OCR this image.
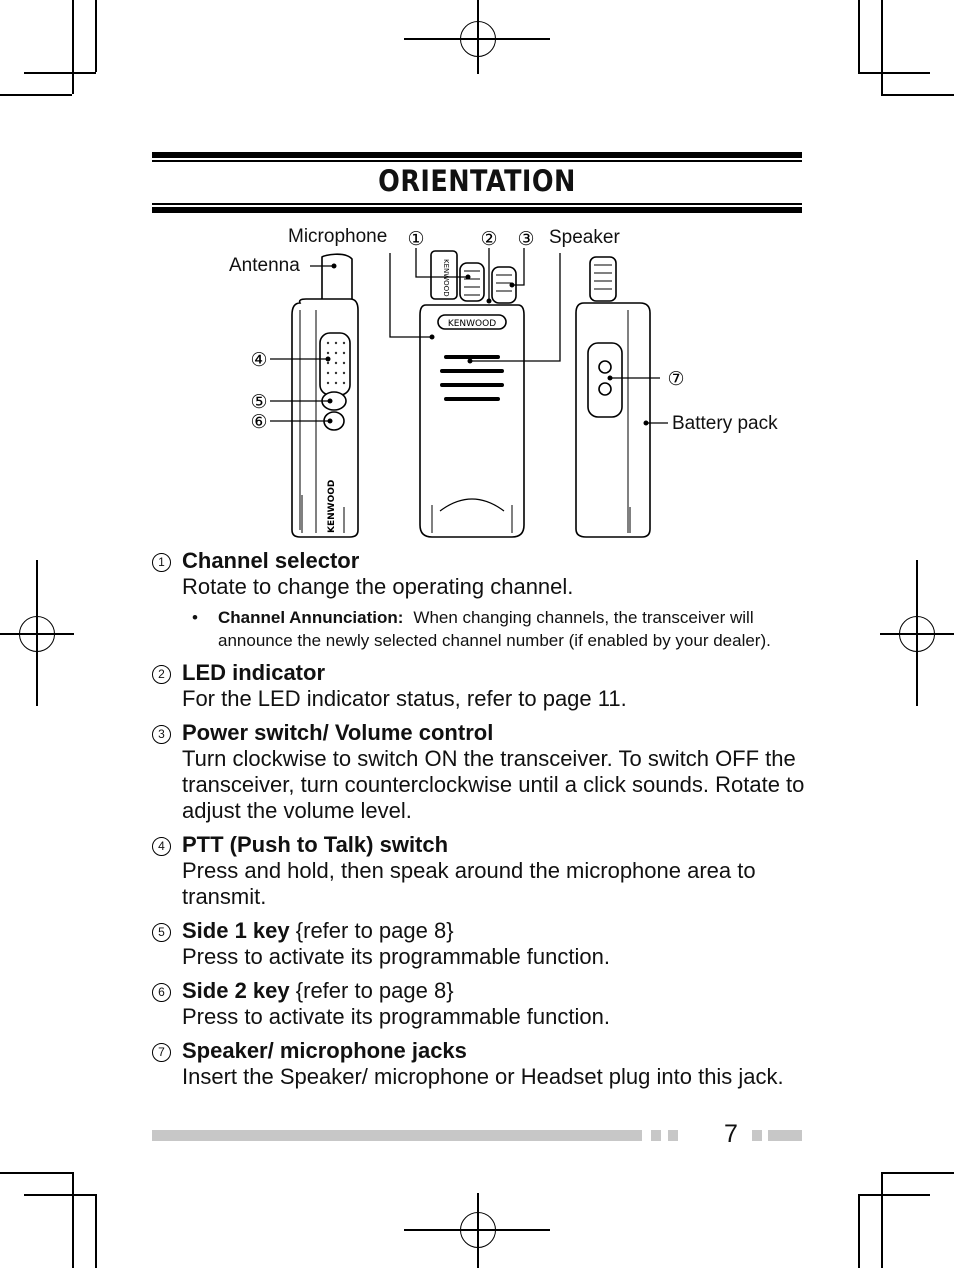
ORIENTATION
KENWOOD
KENWOOD
KENWOOD
①	② ③
④
⑤
⑥
⑦
Microphone
Antenna
Speaker
Battery pack
1 Channel selector
Rotate to change the operating channel.
• Channel Annunciation: When changing channels, the transceiver will announce the newly selected channel number (if enabled by your dealer).
2 LED indicator
For the LED indicator status, refer to page 11.
3 Power switch/ Volume control
Turn clockwise to switch ON the transceiver. To switch OFF the transceiver, turn counterclockwise until a click sounds. Rotate to adjust the volume level.
4 PTT (Push to Talk) switch
Press and hold, then speak around the microphone area to transmit.
5 Side 1 key {refer to page 8}
Press to activate its programmable function.
6 Side 2 key {refer to page 8}
Press to activate its programmable function.
7 Speaker/ microphone jacks
Insert the Speaker/ microphone or Headset plug into this jack.
7
